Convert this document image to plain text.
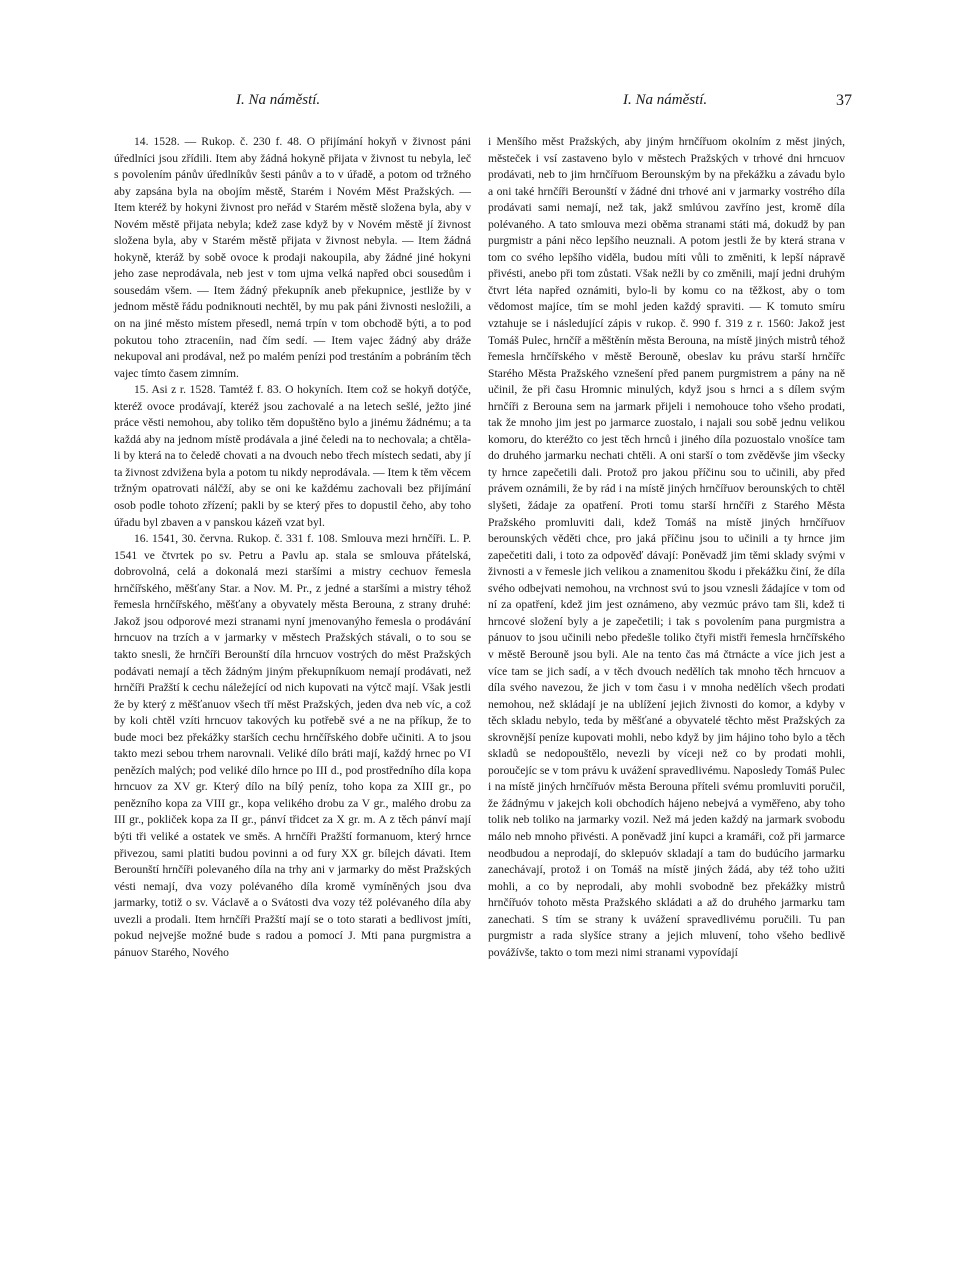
I. Na náměstí.	I. Na náměstí.	37

14. 1528. — Rukop. č. 230 f. 48. O přijímání hokyň v živnost páni úředlníci jsou zřídili. Item aby žádná hokyně přijata v živnost tu nebyla, leč s povolením pánův úředlníkův šesti pánův a to v úřadě, a potom od tržného aby zapsána byla na obojím městě, Starém i Novém Měst Pražských. — Item kteréž by hokyni živnost pro neřád v Starém městě složena byla, aby v Novém městě přijata nebyla; kdež zase když by v Novém městě jí živnost složena byla, aby v Starém městě přijata v živnost nebyla. — Item žádná hokyně, kteráž by sobě ovoce k prodaji nakoupila, aby žádné jiné hokyni jeho zase neprodávala, neb jest v tom ujma velká napřed obci sousedům i sousedám všem. — Item žádný překupník aneb překupnice, jestliže by v jednom městě řádu podniknouti nechtěl, by mu pak páni živnosti nesložili, a on na jiné město místem přesedl, nemá trpín v tom obchodě býti, a to pod pokutou toho ztraceníin, nad čím sedí. — Item vajec žádný aby dráže nekupoval ani prodával, než po malém penízi pod trestáním a pobráním těch vajec tímto časem zimním.

15. Asi z r. 1528. Tamtéž f. 83. O hokyních. Item což se hokyň dotýče, kteréž ovoce prodávají, kteréž jsou zachovalé a na letech sešlé, ježto jiné práce věsti nemohou, aby toliko těm dopuštěno bylo a jinému žádnému; a ta každá aby na jednom místě prodávala a jiné čeledi na to nechovala; a chtěla-li by která na to čeledě chovati a na dvouch nebo třech místech sedati, aby jí ta živnost zdvižena byla a potom tu nikdy neprodávala. — Item k těm věcem tržným opatrovati nálčží, aby se oni ke každému zachovali bez přijímání osob podle tohoto zřízení; pakli by se který přes to dopustil čeho, aby toho úřadu byl zbaven a v panskou kázeň vzat byl.

16. 1541, 30. června. Rukop. č. 331 f. 108. Smlouva mezi hrnčíři. L. P. 1541 ve čtvrtek po sv. Petru a Pavlu ap. stala se smlouva přátelská, dobrovolná, celá a dokonalá mezi staršími a mistry cechuov řemesla hrnčířského, měšťany Star. a Nov. M. Pr., z jedné a staršími a mistry téhož řemesla hrnčířského, měšťany a obyvately města Berouna, z strany druhé: Jakož jsou odporové mezi stranami nyní jmenovanýho řemesla o prodávání hrncuov na trzích a v jarmarky v městech Pražských stávali, o to sou se takto snesli, že hrnčíři Berounští díla hrncuov vostrých do měst Pražských podávati nemají a těch žádným jiným překupníkuom nemají prodávati, než hrnčíři Pražští k cechu náležející od nich kupovati na výtcč mají. Však jestli že by který z měšťanuov všech tří měst Pražských, jeden dva neb víc, a což by koli chtěl vzíti hrncuov takových ku potřebě své a ne na příkup, že to bude moci bez překážky starších cechu hrnčířského dobře učiniti. A to jsou takto mezi sebou trhem narovnali. Veliké dílo bráti mají, každý hrnec po VI penězích malých; pod veliké dílo hrnce po III d., pod prostředního díla kopa hrncuov za XV gr. Který dílo na bílý peníz, toho kopa za XIII gr., po penězního kopa za VIII gr., kopa velikého drobu za V gr., malého drobu za III gr., pokliček kopa za II gr., pánví třidcet za X gr. m. A z těch pánví mají býti tři veliké a ostatek ve směs. A hrnčíři Pražští formanuom, který hrnce přivezou, sami platiti budou povinni a od fury XX gr. bílejch dávati. Item Berounští hrnčíři polevaného díla na trhy ani v jarmarky do měst Pražských vésti nemají, dva vozy polévaného díla kromě vymíněných jsou dva jarmarky, totiž o sv. Václavě a o Svátosti dva vozy též polévaného díla aby uvezli a prodali. Item hrnčíři Pražští mají se o toto starati a bedlivost jmíti, pokud nejvejše možné bude s radou a pomocí J. Mti pana purgmistra a pánuov Starého, Nového

i Menšího měst Pražských, aby jiným hrnčířuom okolním z měst jiných, městeček i vsí zastaveno bylo v městech Pražských v trhové dni hrncuov prodávati, neb to jim hrnčířuom Berounským by na překážku a závadu bylo a oni také hrnčíři Berounští v žádné dni trhové ani v jarmarky vostrého díla prodávati sami nemají, než tak, jakž smlúvou zavříno jest, kromě díla polévaného. A tato smlouva mezi oběma stranami státi má, dokudž by pan purgmistr a páni něco lepšího neuznali. A potom jestli že by která strana v tom co svého lepšího viděla, budou míti vůli to změniti, k lepší nápravě přivésti, anebo při tom zůstati. Však nežli by co změnili, mají jedni druhým čtvrt léta napřed oznámiti, bylo-li by komu co na těžkost, aby o tom vědomost majíce, tím se mohl jeden každý spraviti. — K tomuto smíru vztahuje se i následující zápis v rukop. č. 990 f. 319 z r. 1560: Jakož jest Tomáš Pulec, hrnčíř a měštěnín města Berouna, na místě jiných mistrů téhož řemesla hrnčířského v městě Berouně, obeslav ku právu starší hrnčířc Starého Města Pražského vznešení před panem purgmistrem a pány na ně učinil, že při času Hromnic minulých, když jsou s hrnci a s dílem svým hrnčíři z Berouna sem na jarmark přijeli i nemohouce toho všeho prodati, tak že mnoho jim jest po jarmarce zuostalo, i najali sou sobě jednu velikou komoru, do kteréžto co jest těch hrnců i jiného díla pozuostalo vnošíce tam do druhého jarmarku nechati chtěli. A oni starší o tom zvěděvše jim všecky ty hrnce zapečetili dali. Protož pro jakou příčinu sou to učinili, aby před právem oznámili, že by rád i na místě jiných hrnčířuov berounských to chtěl slyšeti, žádaje za opatření. Proti tomu starší hrnčíři z Starého Města Pražského promluviti dali, kdež Tomáš na místě jiných hrnčířuov berounských věděti chce, pro jaká příčinu jsou to učinili a ty hrnce jim zapečetiti dali, i toto za odpověď dávají: Poněvadž jim těmi sklady svými v živnosti a v řemesle jich velikou a znamenitou škodu i překážku činí, že díla svého odbejvati nemohou, na vrchnost svú to jsou vznesli žádajíce v tom od ní za opatření, kdež jim jest oznámeno, aby vezmúc právo tam šli, kdež ti hrncové složení byly a je zapečetili; i tak s povolením pana purgmistra a pánuov to jsou učinili nebo předešle toliko čtyři mistři řemesla hrnčířského v městě Berouně jsou byli. Ale na tento čas má čtrnácte a více jich jest a více tam se jich sadí, a v těch dvouch nedělích tak mnoho těch hrncuov a díla svého navezou, že jich v tom času i v mnoha nedělích všech prodati nemohou, než skládají je na ublížení jejich živnosti do komor, a kdyby v těch skladu nebylo, teda by měšťané a obyvatelé těchto měst Pražských za skrovnější peníze kupovati mohli, nebo když by jim hájino toho bylo a těch skladů se nedopouštělo, nevezli by víceji než co by prodati mohli, poroučejíc se v tom právu k uvážení spravedlivému. Naposledy Tomáš Pulec i na místě jiných hrnčířuóv města Berouna příteli svému promluviti poručil, že žádnýmu v jakejch koli obchodích hájeno nebejvá a vyměřeno, aby toho tolik neb toliko na jarmarky vozil. Než má jeden každý na jarmark svobodu málo neb mnoho přivésti. A poněvadž jiní kupci a kramáři, což při jarmarce neodbudou a neprodají, do sklepuóv skladají a tam do budúcího jarmarku zanechávají, protož i on Tomáš na místě jiných žádá, aby též toho užiti mohli, a co by neprodali, aby mohli svobodně bez překážky mistrů hrnčířuóv tohoto města Pražského skládati a až do druhého jarmarku tam zanechati. S tím se strany k uvážení spravedlivému poručili. Tu pan purgmistr a rada slyšíce strany a jejich mluvení, toho všeho bedlivě povážívše, takto o tom mezi nimi stranami vypovídají
